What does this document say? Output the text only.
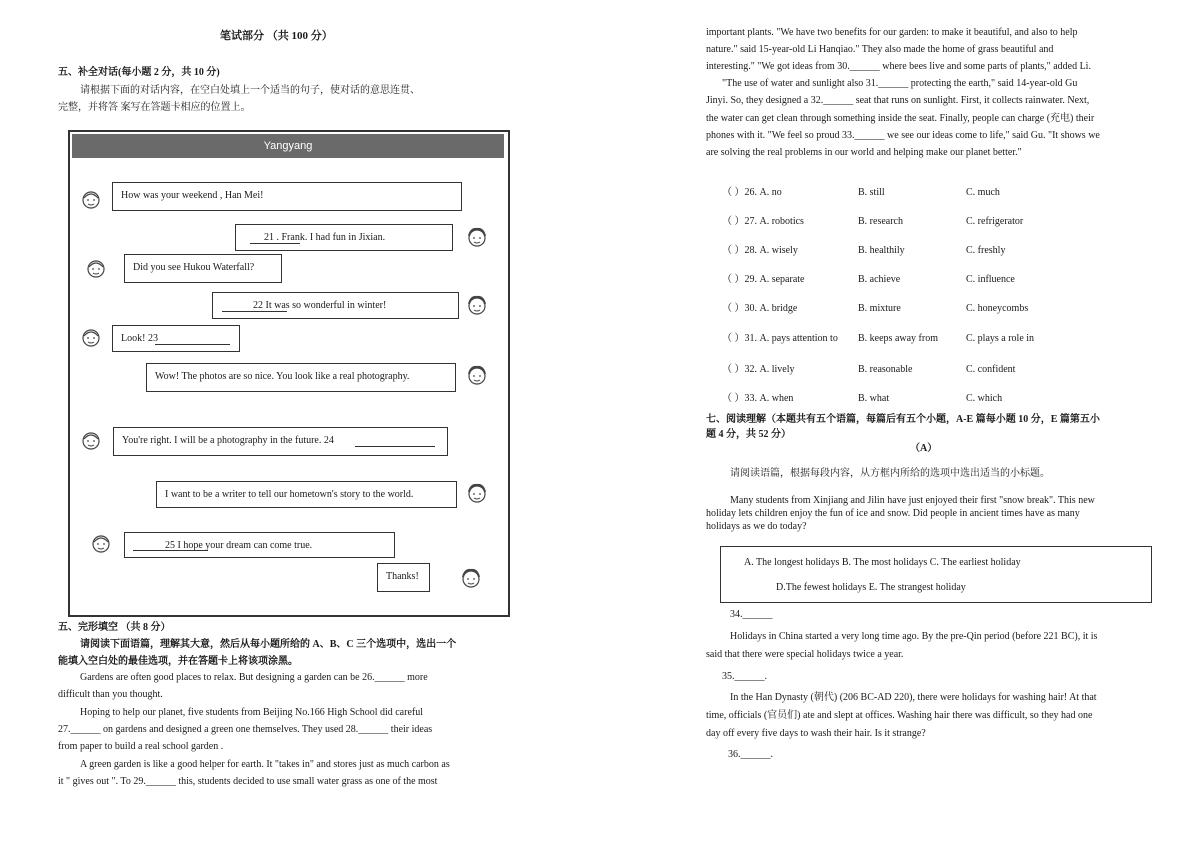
笔试部分 （共 100 分）
五、补全对话(每小题 2 分，共 10 分)
请根据下面的对话内容，在空白处填上一个适当的句子，使对话的意思连贯、
完整，并将答 案写在答题卡相应的位置上。
Yangyang
How was your weekend , Han Mei!
21 . Frank. I had fun in Jixian.
Did you see Hukou Waterfall?
22 It was so wonderful in winter!
Look! 23
Wow! The photos are so nice. You look like a real photography.
You're right. I will be a photography in the future. 24
I want to be a writer to tell our hometown's story to the world.
25 I hope your dream can come true.
Thanks!
五、完形填空 （共 8 分）
请阅读下面语篇，理解其大意，然后从每小题所给的 A、B、C 三个选项中，选出一个
能填入空白处的最佳选项，并在答题卡上将该项涂黑。
Gardens are often good places to relax. But designing a garden can be 26.______ more
difficult than you thought.
Hoping to help our planet, five students from Beijing No.166 High School did careful
27.______ on gardens and designed a green one themselves. They used 28.______ their ideas
from paper to build a real school garden .
A green garden is like a good helper for earth. It "takes in" and stores just as much carbon as
it " gives out ". To 29.______ this, students decided to use small water grass as one of the most
important plants. "We have two benefits for our garden: to make it beautiful, and also to help
nature." said 15-year-old Li Hanqiao." They also made the home of grass beautiful and
interesting." "We got ideas from 30.______ where bees live and some parts of plants," added Li.
"The use of water and sunlight also 31.______ protecting the earth," said 14-year-old Gu
Jinyi. So, they designed a 32.______ seat that runs on sunlight. First, it collects rainwater. Next,
the water can get clean through something inside the seat. Finally, people can charge (充电) their
phones with it. "We feel so proud 33.______ we see our ideas come to life," said Gu. "It shows we
are solving the real problems in our world and helping make our planet better."
（ ）26. A. no	B. still	C. much
（ ）27. A. robotics	B. research	C. refrigerator
（ ）28. A. wisely	B. healthily	C. freshly
（ ）29. A. separate	B. achieve	C. influence
（ ）30. A. bridge	B. mixture	C. honeycombs
（ ）31. A. pays attention to B. keeps away from	C. plays a role in
（ ）32. A. lively	B. reasonable	C. confident
（ ）33. A. when	B. what	C. which
七、阅读理解（本题共有五个语篇，每篇后有五个小题，A-E 篇每小题 10 分，E 篇第五小
题 4 分，共 52 分）
（A）
请阅读语篇，根据每段内容，从方框内所给的选项中选出适当的小标题。
Many students from Xinjiang and Jilin have just enjoyed their first "snow break". This new
holiday lets children enjoy the fun of ice and snow. Did people in ancient times have as many
holidays as we do today?
A. The longest holidays B. The most holidays C. The earliest holiday
D.The fewest holidays E. The strangest holiday
34.______
Holidays in China started a very long time ago. By the pre-Qin period (before 221 BC), it is
said that there were special holidays twice a year.
35.______.
In the Han Dynasty (朝代) (206 BC-AD 220), there were holidays for washing hair! At that
time, officials (官员们) ate and slept at offices. Washing hair there was difficult, so they had one
day off every five days to wash their hair. Is it strange?
36.______.
